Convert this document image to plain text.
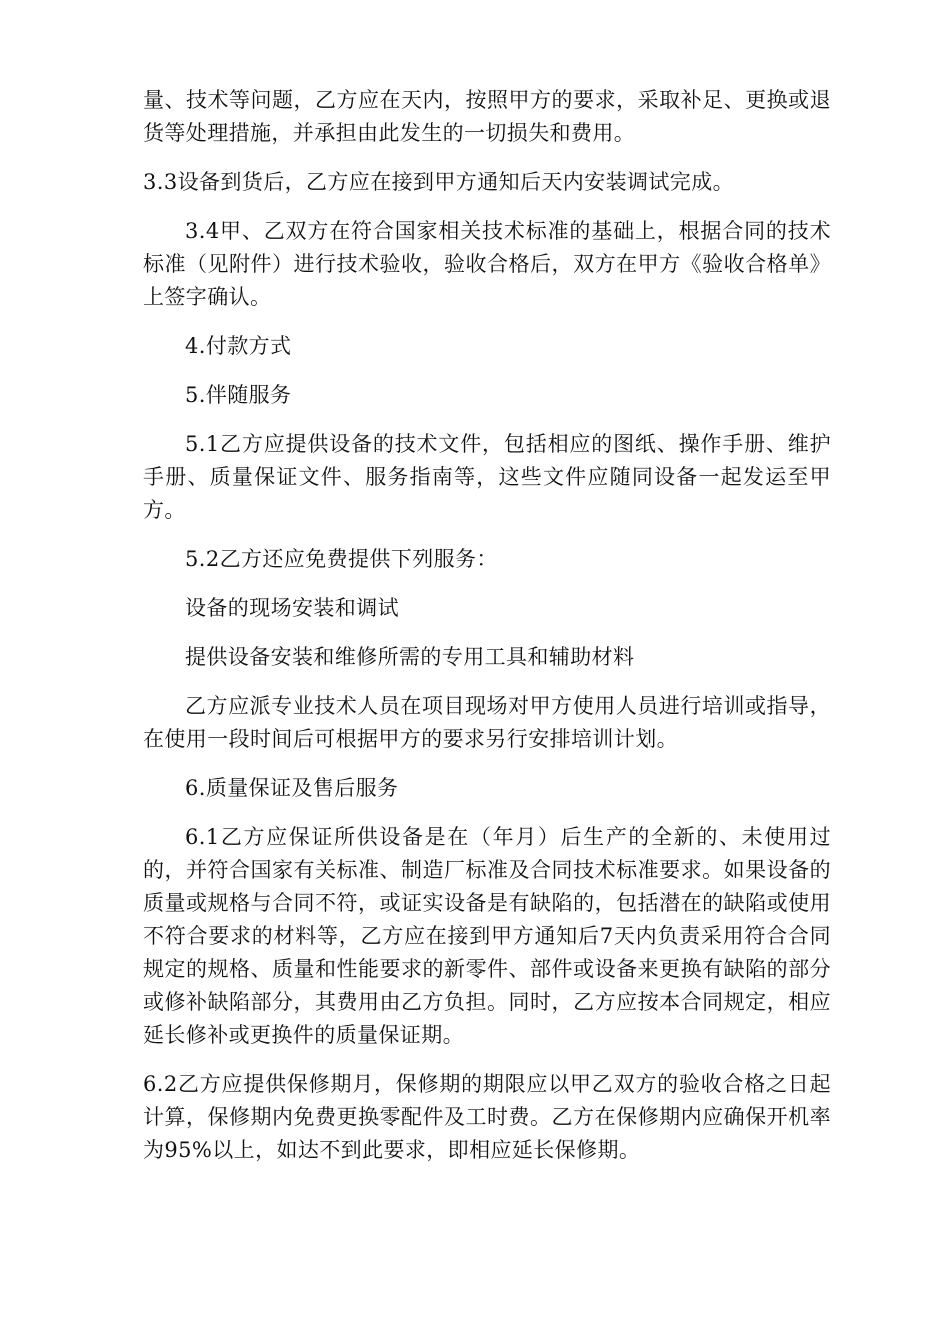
量、技术等问题，乙方应在天内，按照甲方的要求，采取补足、更换或退货等处理措施，并承担由此发生的一切损失和费用。

3.3设备到货后，乙方应在接到甲方通知后天内安装调试完成。

3.4甲、乙双方在符合国家相关技术标准的基础上，根据合同的技术标准（见附件）进行技术验收，验收合格后，双方在甲方《验收合格单》上签字确认。

4.付款方式

5.伴随服务

5.1乙方应提供设备的技术文件，包括相应的图纸、操作手册、维护手册、质量保证文件、服务指南等，这些文件应随同设备一起发运至甲方。

5.2乙方还应免费提供下列服务：

设备的现场安装和调试

提供设备安装和维修所需的专用工具和辅助材料

乙方应派专业技术人员在项目现场对甲方使用人员进行培训或指导，在使用一段时间后可根据甲方的要求另行安排培训计划。

6.质量保证及售后服务

6.1乙方应保证所供设备是在（年月）后生产的全新的、未使用过的，并符合国家有关标准、制造厂标准及合同技术标准要求。如果设备的质量或规格与合同不符，或证实设备是有缺陷的，包括潜在的缺陷或使用不符合要求的材料等，乙方应在接到甲方通知后7天内负责采用符合合同规定的规格、质量和性能要求的新零件、部件或设备来更换有缺陷的部分或修补缺陷部分，其费用由乙方负担。同时，乙方应按本合同规定，相应延长修补或更换件的质量保证期。

6.2乙方应提供保修期月，保修期的期限应以甲乙双方的验收合格之日起计算，保修期内免费更换零配件及工时费。乙方在保修期内应确保开机率为95%以上，如达不到此要求，即相应延长保修期。
